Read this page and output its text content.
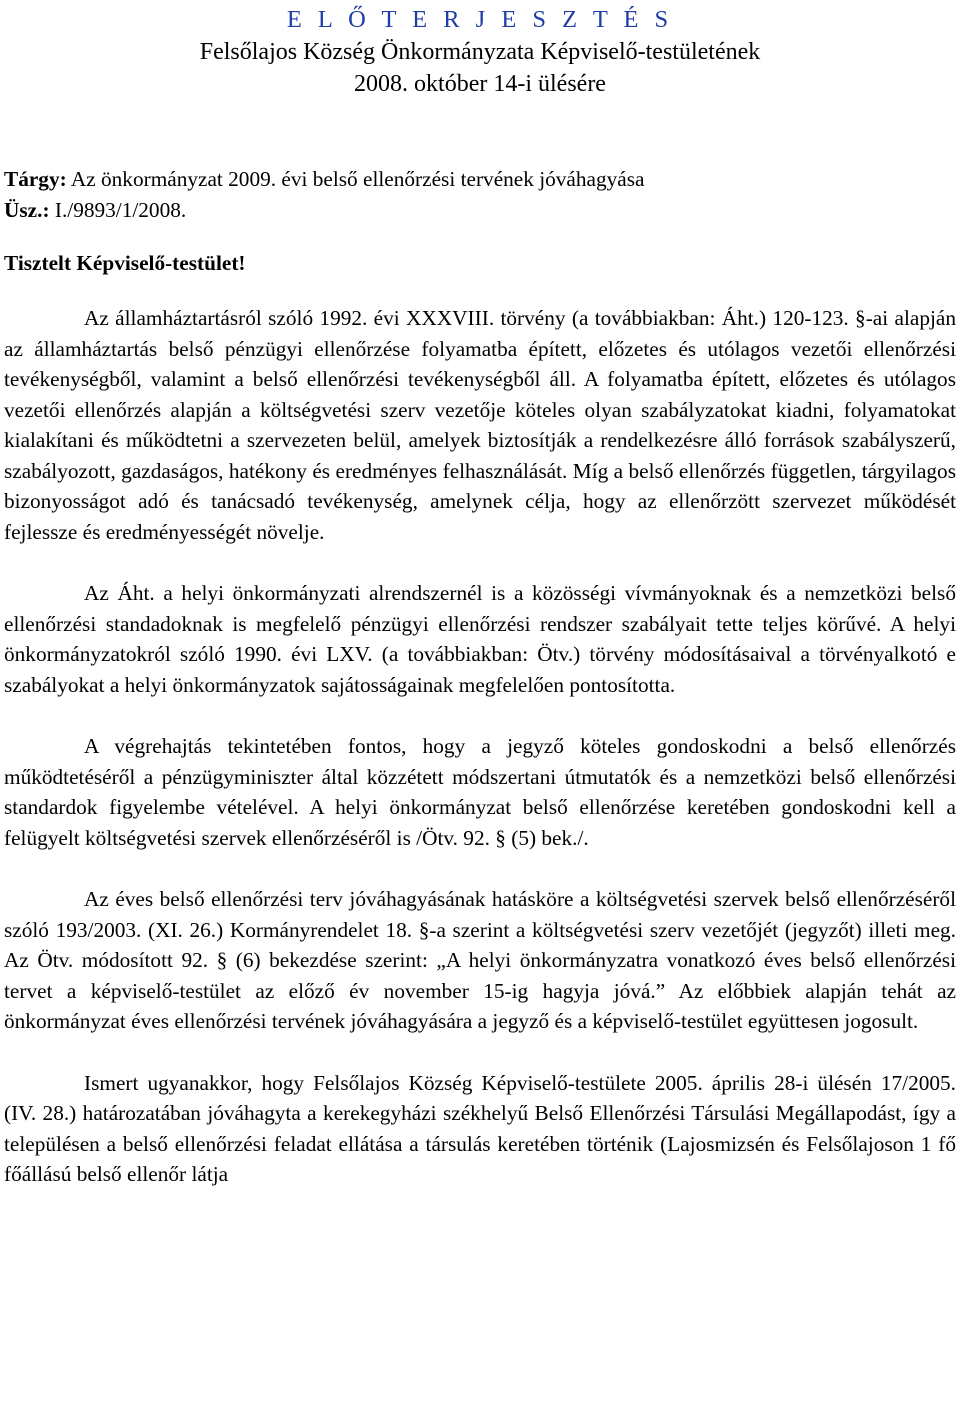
E L Ő T E R J E S Z T É S
Felsőlajos Község Önkormányzata Képviselő-testületének
2008. október 14-i ülésére
Tárgy: Az önkormányzat 2009. évi belső ellenőrzési tervének jóváhagyása
Üsz.: I./9893/1/2008.
Tisztelt Képviselő-testület!

Az államháztartásról szóló 1992. évi XXXVIII. törvény (a továbbiakban: Áht.) 120-123. §-ai alapján az államháztartás belső pénzügyi ellenőrzése folyamatba épített, előzetes és utólagos vezetői ellenőrzési tevékenységből, valamint a belső ellenőrzési tevékenységből áll. A folyamatba épített, előzetes és utólagos vezetői ellenőrzés alapján a költségvetési szerv vezetője köteles olyan szabályzatokat kiadni, folyamatokat kialakítani és működtetni a szervezeten belül, amelyek biztosítják a rendelkezésre álló források szabályszerű, szabályozott, gazdaságos, hatékony és eredményes felhasználását. Míg a belső ellenőrzés független, tárgyilagos bizonyosságot adó és tanácsadó tevékenység, amelynek célja, hogy az ellenőrzött szervezet működését fejlessze és eredményességét növelje.

Az Áht. a helyi önkormányzati alrendszernél is a közösségi vívmányoknak és a nemzetközi belső ellenőrzési standadoknak is megfelelő pénzügyi ellenőrzési rendszer szabályait tette teljes körűvé. A helyi önkormányzatokról szóló 1990. évi LXV. (a továbbiakban: Ötv.) törvény módosításaival a törvényalkotó e szabályokat a helyi önkormányzatok sajátosságainak megfelelően pontosította.

A végrehajtás tekintetében fontos, hogy a jegyző köteles gondoskodni a belső ellenőrzés működtetéséről a pénzügyminiszter által közzétett módszertani útmutatók és a nemzetközi belső ellenőrzési standardok figyelembe vételével. A helyi önkormányzat belső ellenőrzése keretében gondoskodni kell a felügyelt költségvetési szervek ellenőrzéséről is /Ötv. 92. § (5) bek./.

Az éves belső ellenőrzési terv jóváhagyásának hatásköre a költségvetési szervek belső ellenőrzéséről szóló 193/2003. (XI. 26.) Kormányrendelet 18. §-a szerint a költségvetési szerv vezetőjét (jegyzőt) illeti meg. Az Ötv. módosított 92. § (6) bekezdése szerint: „A helyi önkormányzatra vonatkozó éves belső ellenőrzési tervet a képviselő-testület az előző év november 15-ig hagyja jóvá.” Az előbbiek alapján tehát az önkormányzat éves ellenőrzési tervének jóváhagyására a jegyző és a képviselő-testület együttesen jogosult.

Ismert ugyanakkor, hogy Felsőlajos Község Képviselő-testülete 2005. április 28-i ülésén 17/2005. (IV. 28.) határozatában jóváhagyta a kerekegyházi székhelyű Belső Ellenőrzési Társulási Megállapodást, így a településen a belső ellenőrzési feladat ellátása a társulás keretében történik (Lajosmizsén és Felsőlajoson 1 fő főállású belső ellenőr látja
